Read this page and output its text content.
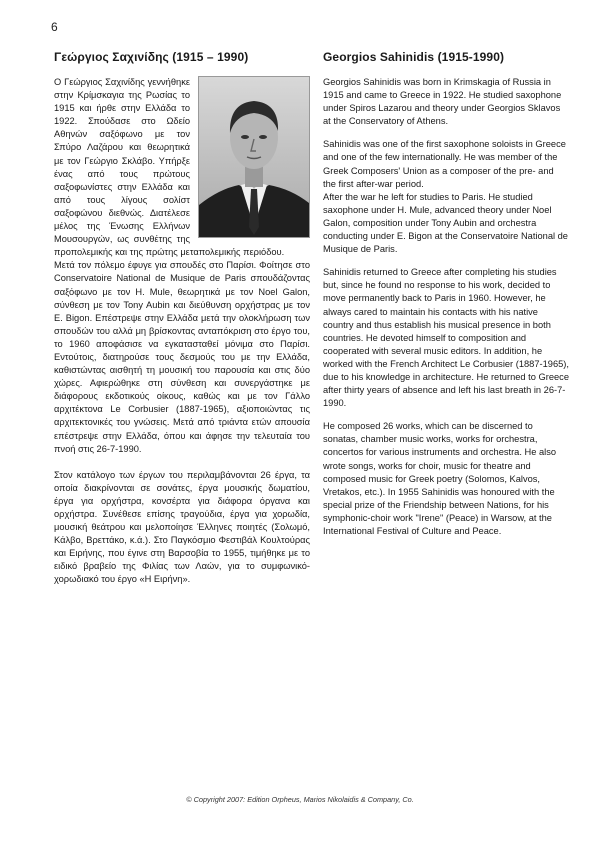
6
Γεώργιος Σαχινίδης (1915 – 1990)

Ο Γεώργιος Σαχινίδης γεννήθηκε στην Κρίμσκαγια της Ρωσίας το 1915 και ήρθε στην Ελλάδα το 1922. Σπούδασε στο Ωδείο Αθηνών σαξόφωνο με τον Σπύρο Λαζάρου και θεωρητικά με τον Γεώργιο Σκλάβο. Υπήρξε ένας από τους πρώτους σαξοφωνίστες στην Ελλάδα και από τους λίγους σολίστ σαξοφώνου διεθνώς. Διατέλεσε μέλος της Ένωσης Ελλήνων Μουσουργών, ως συνθέτης της προπολεμικής και της πρώτης μεταπολεμικής περιόδου.

Μετά τον πόλεμο έφυγε για σπουδές στο Παρίσι. Φοίτησε στο Conservatoire National de Musique de Paris σπουδάζοντας σαξόφωνο με τον H. Mule, θεωρητικά με τον Noel Galon, σύνθεση με τον Tony Aubin και διεύθυνση ορχήστρας με τον E. Bigon. Επέστρεψε στην Ελλάδα μετά την ολοκλήρωση των σπουδών του αλλά μη βρίσκοντας ανταπόκριση στο έργο του, το 1960 αποφάσισε να εγκατασταθεί μόνιμα στο Παρίσι. Εντούτοις, διατηρούσε τους δεσμούς του με την Ελλάδα, καθιστώντας αισθητή τη μουσική του παρουσία και στις δύο χώρες. Αφιερώθηκε στη σύνθεση και συνεργάστηκε με διάφορους εκδοτικούς οίκους, καθώς και με τον Γάλλο αρχιτέκτονα Le Corbusier (1887-1965), αξιοποιώντας τις αρχιτεκτονικές του γνώσεις. Μετά από τριάντα ετών απουσία επέστρεψε στην Ελλάδα, όπου και άφησε την τελευταία του πνοή στις 26-7-1990.

Στον κατάλογο των έργων του περιλαμβάνονται 26 έργα, τα οποία διακρίνονται σε σονάτες, έργα μουσικής δωματίου, έργα για ορχήστρα, κονσέρτα για διάφορα όργανα και ορχήστρα. Συνέθεσε επίσης τραγούδια, έργα για χορωδία, μουσική θεάτρου και μελοποίησε Έλληνες ποιητές (Σολωμό, Κάλβο, Βρεττάκο, κ.ά.). Στο Παγκόσμιο Φεστιβάλ Κουλτούρας και Ειρήνης, που έγινε στη Βαρσοβία το 1955, τιμήθηκε με το ειδικό βραβείο της Φιλίας των Λαών, για το συμφωνικό-χορωδιακό του έργο «Η Ειρήνη».

Georgios Sahinidis (1915-1990)

Georgios Sahinidis was born in Krimskagia of Russia in 1915 and came to Greece in 1922. He studied saxophone under Spiros Lazarou and theory under Georgios Sklavos at the Conservatory of Athens.

Sahinidis was one of the first saxophone soloists in Greece and one of the few internationally. He was member of the Greek Composers' Union as a composer of the pre- and the first after-war period.

After the war he left for studies to Paris. He studied saxophone under H. Mule, advanced theory under Noel Galon, composition under Tony Aubin and orchestra conducting under E. Bigon at the Conservatoire National de Musique de Paris.

Sahinidis returned to Greece after completing his studies but, since he found no response to his work, decided to move permanently back to Paris in 1960. However, he always cared to maintain his contacts with his native country and thus establish his musical presence in both countries. He devoted himself to composition and cooperated with several music editors. In addition, he worked with the French Architect Le Corbusier (1887-1965), due to his knowledge in architecture. He returned to Greece after thirty years of absence and left his last breath in 26-7-1990.

He composed 26 works, which can be discerned to sonatas, chamber music works, works for orchestra, concertos for various instruments and orchestra. He also wrote songs, works for choir, music for theatre and composed music for Greek poetry (Solomos, Kalvos, Vretakos, etc.). In 1955 Sahinidis was honoured with the special prize of the Friendship between Nations, for his symphonic-choir work "Irene" (Peace) in Warsow, at the International Festival of Culture and Peace.

© Copyright 2007: Edition Orpheus, Marios Nikolaidis & Company, Co.
